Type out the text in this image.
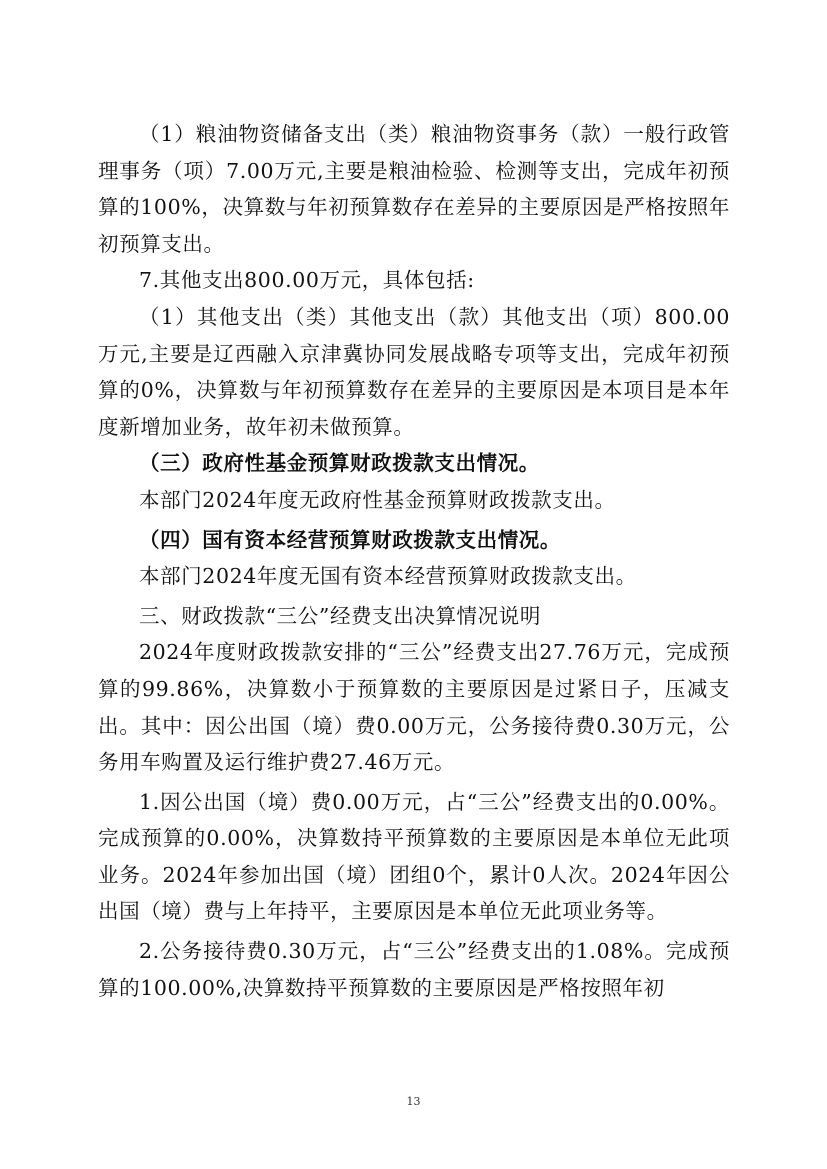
（1）粮油物资储备支出（类）粮油物资事务（款）一般行政管理事务（项）7.00万元,主要是粮油检验、检测等支出，完成年初预算的100%，决算数与年初预算数存在差异的主要原因是严格按照年初预算支出。

7.其他支出800.00万元，具体包括:

（1）其他支出（类）其他支出（款）其他支出（项）800.00万元,主要是辽西融入京津冀协同发展战略专项等支出，完成年初预算的0%，决算数与年初预算数存在差异的主要原因是本项目是本年度新增加业务，故年初未做预算。

（三）政府性基金预算财政拨款支出情况。

本部门2024年度无政府性基金预算财政拨款支出。

（四）国有资本经营预算财政拨款支出情况。

本部门2024年度无国有资本经营预算财政拨款支出。

三、财政拨款“三公”经费支出决算情况说明

2024年度财政拨款安排的“三公”经费支出27.76万元，完成预算的99.86%，决算数小于预算数的主要原因是过紧日子，压减支出。其中：因公出国（境）费0.00万元，公务接待费0.30万元，公务用车购置及运行维护费27.46万元。

1.因公出国（境）费0.00万元，占“三公”经费支出的0.00%。完成预算的0.00%，决算数持平预算数的主要原因是本单位无此项业务。2024年参加出国（境）团组0个，累计0人次。2024年因公出国（境）费与上年持平，主要原因是本单位无此项业务等。

2.公务接待费0.30万元，占“三公”经费支出的1.08%。完成预算的100.00%,决算数持平预算数的主要原因是严格按照年初

13
